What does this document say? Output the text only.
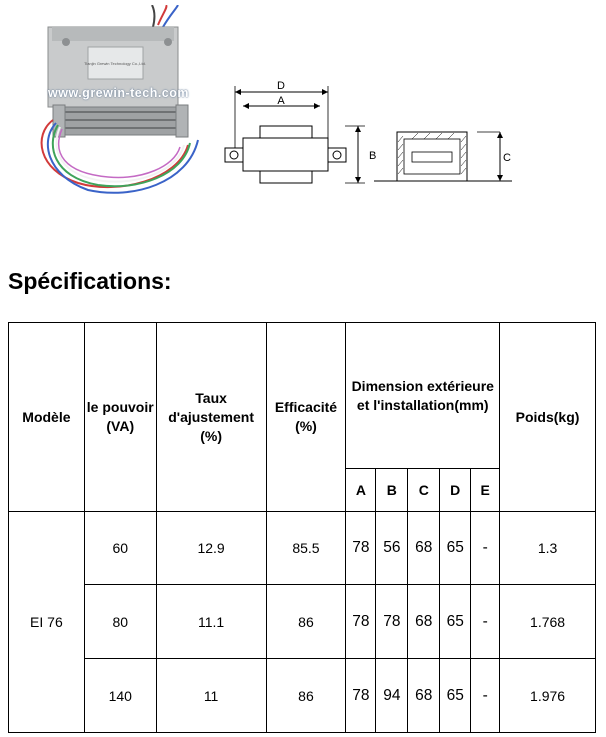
Tianjin Grewin Technology Co.,Ltd.
www.grewin-tech.com	D
A
B	C
Spécifications:
Modèle	le pouvoir (VA)	Taux d'ajustement (%)	Efficacité (%)	Dimension extérieure et l'installation(mm)					Poids(kg)
				A	B	C	D	E	
EI 76	60	12.9	85.5	78	56	68	65	-	1.3
	80	11.1	86	78	78	68	65	-	1.768
	140	11	86	78	94	68	65	-	1.976
